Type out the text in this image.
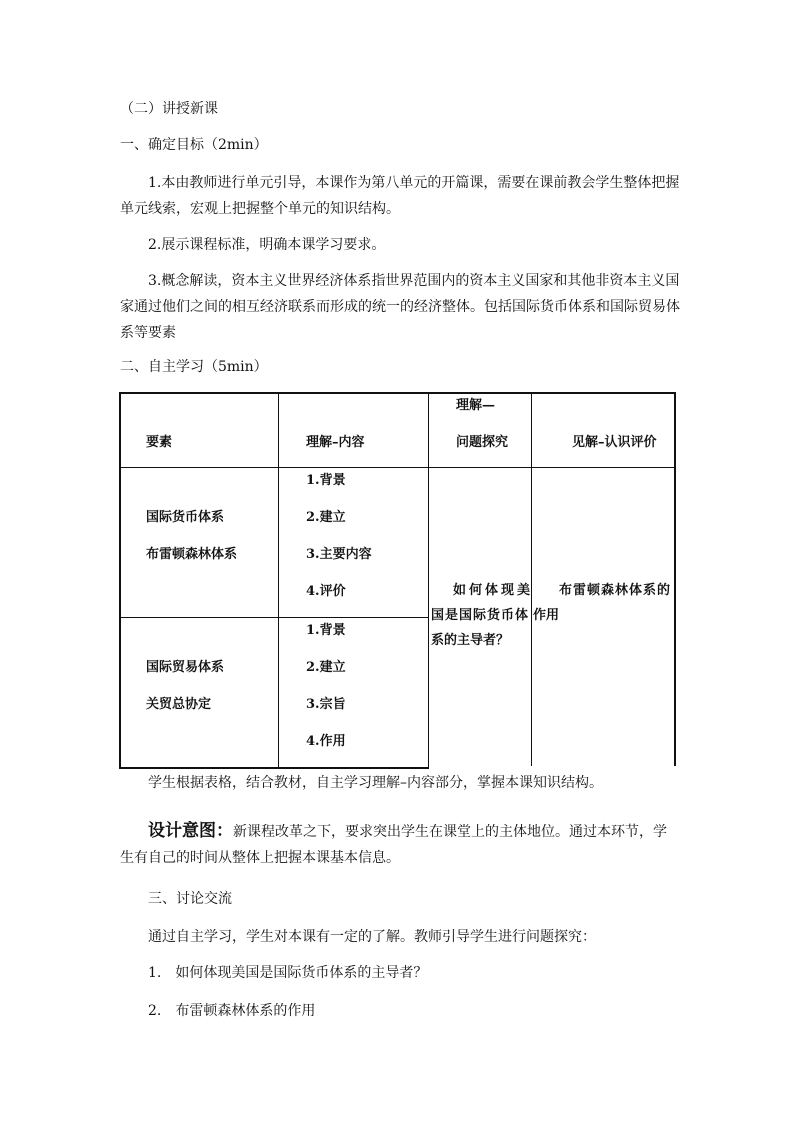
（二）讲授新课

一、确定目标（2min）

1.本由教师进行单元引导，本课作为第八单元的开篇课，需要在课前教会学生整体把握单元线索，宏观上把握整个单元的知识结构。

2.展示课程标准，明确本课学习要求。

3.概念解读，资本主义世界经济体系指世界范围内的资本主义国家和其他非资本主义国家通过他们之间的相互经济联系而形成的统一的经济整体。包括国际货币体系和国际贸易体系等要素

二、自主学习（5min）

要素	理解–内容
理解—
问题探究	见解–认识评价
国际货币体系
布雷顿森林体系
1.背景
2.建立
3.主要内容
4.评价
国际贸易体系
关贸总协定
1.背景
2.建立
3.宗旨
4.作用
如何体现美
国是国际货币体
系的主导者？
布雷顿森林体系的
作用

学生根据表格，结合教材，自主学习理解–内容部分，掌握本课知识结构。

设计意图：新课程改革之下，要求突出学生在课堂上的主体地位。通过本环节，学生有自己的时间从整体上把握本课基本信息。

三、讨论交流

通过自主学习，学生对本课有一定的了解。教师引导学生进行问题探究：

1.　如何体现美国是国际货币体系的主导者？

2.　布雷顿森林体系的作用
